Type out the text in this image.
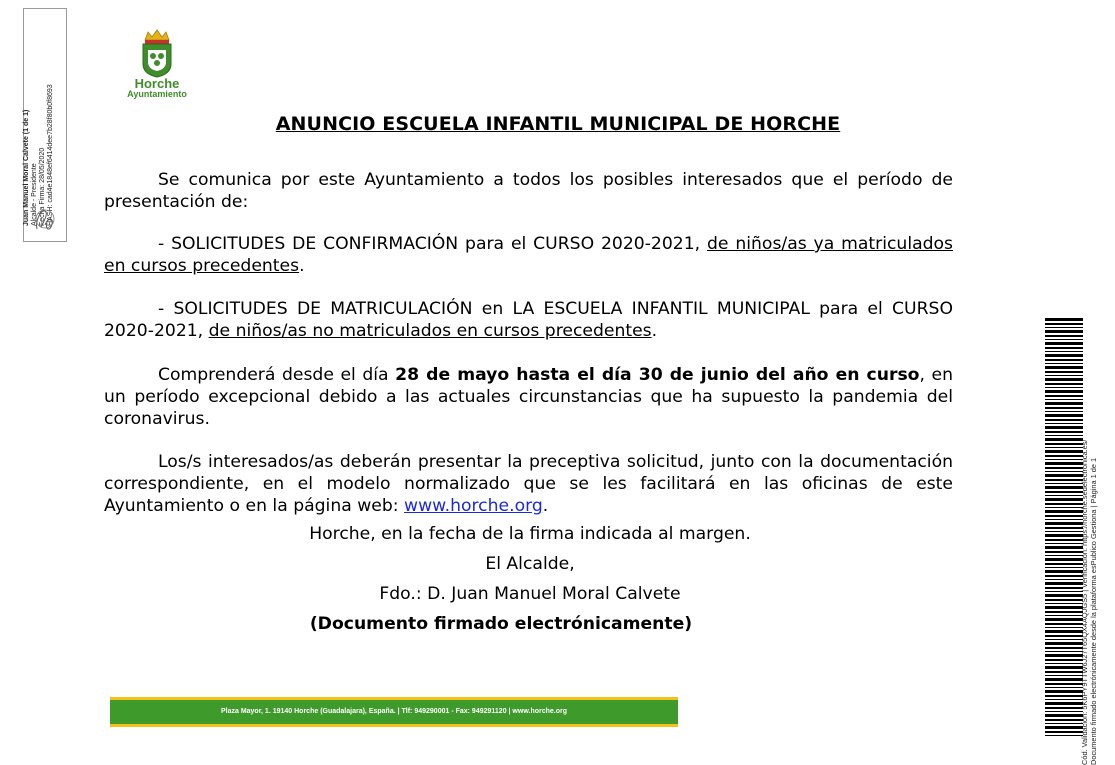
Juan Manuel Moral Calvete (1 de 1) Alcalde - Presidente Fecha Firma: 28/05/2020 HASH: cad4e1848ef6414dee7b28f80b0f8693
Horche
Ayuntamiento
ANUNCIO ESCUELA INFANTIL MUNICIPAL DE HORCHE
Se comunica por este Ayuntamiento a todos los posibles interesados que el período de presentación de:
- SOLICITUDES DE CONFIRMACIÓN para el CURSO 2020-2021, de niños/as ya matriculados en cursos precedentes.
- SOLICITUDES DE MATRICULACIÓN en LA ESCUELA INFANTIL MUNICIPAL para el CURSO 2020-2021, de niños/as no matriculados en cursos precedentes.
Comprenderá desde el día 28 de mayo hasta el día 30 de junio del año en curso, en un período excepcional debido a las actuales circunstancias que ha supuesto la pandemia del coronavirus.
Los/s interesados/as deberán presentar la preceptiva solicitud, junto con la documentación correspondiente, en el modelo normalizado que se les facilitará en las oficinas de este Ayuntamiento o en la página web: www.horche.org.
Horche, en la fecha de la firma indicada al margen.
El Alcalde,
Fdo.: D. Juan Manuel Moral Calvete
(Documento firmado electrónicamente)
Plaza Mayor, 1. 19140 Horche (Guadalajara), España. | Tlf: 949290001 - Fax: 949291120 | www.horche.org	Cód. Validación: 5K6PY9TTW6J27T65QX4AQJGS5 | Verificación: https://horche.sedelectronica.es/ Documento firmado electrónicamente desde la plataforma esPublico Gestiona | Página 1 de 1
